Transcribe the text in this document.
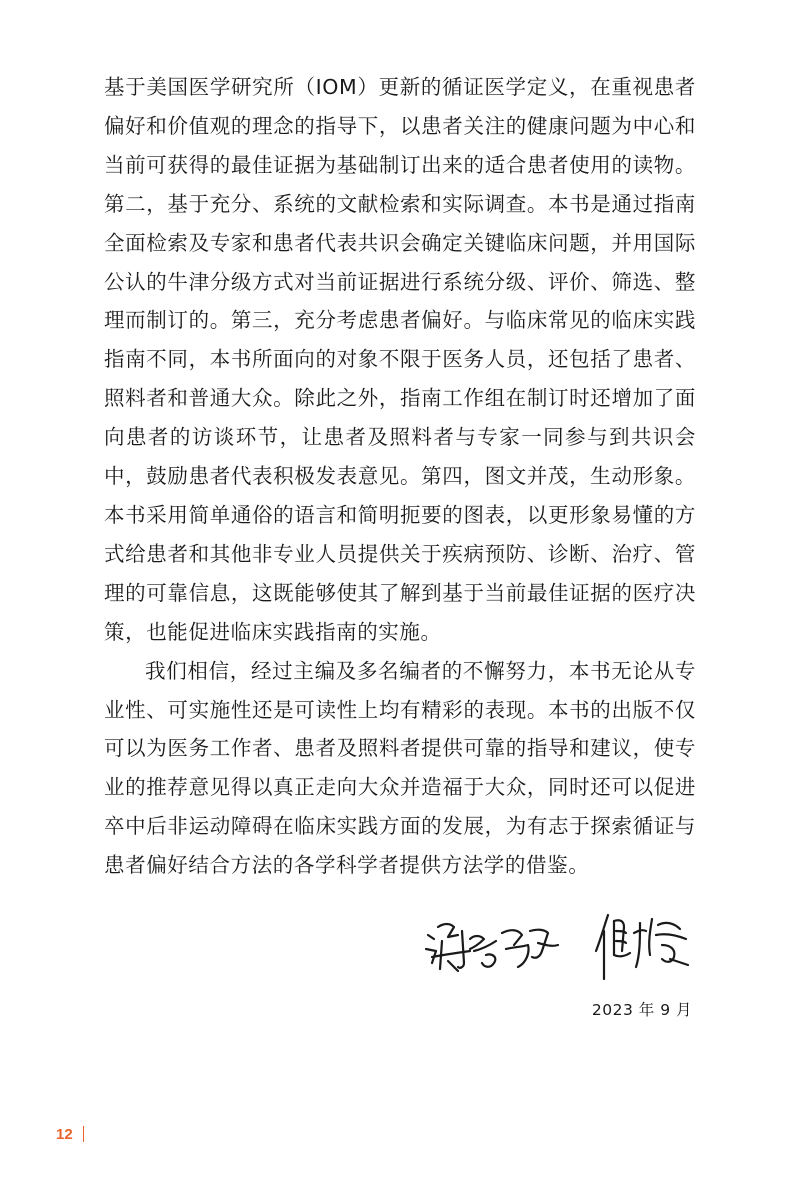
基于美国医学研究所（IOM）更新的循证医学定义，在重视患者偏好和价值观的理念的指导下，以患者关注的健康问题为中心和当前可获得的最佳证据为基础制订出来的适合患者使用的读物。第二，基于充分、系统的文献检索和实际调查。本书是通过指南全面检索及专家和患者代表共识会确定关键临床问题，并用国际公认的牛津分级方式对当前证据进行系统分级、评价、筛选、整理而制订的。第三，充分考虑患者偏好。与临床常见的临床实践指南不同，本书所面向的对象不限于医务人员，还包括了患者、照料者和普通大众。除此之外，指南工作组在制订时还增加了面向患者的访谈环节，让患者及照料者与专家一同参与到共识会中，鼓励患者代表积极发表意见。第四，图文并茂，生动形象。本书采用简单通俗的语言和简明扼要的图表，以更形象易懂的方式给患者和其他非专业人员提供关于疾病预防、诊断、治疗、管理的可靠信息，这既能够使其了解到基于当前最佳证据的医疗决策，也能促进临床实践指南的实施。

我们相信，经过主编及多名编者的不懈努力，本书无论从专业性、可实施性还是可读性上均有精彩的表现。本书的出版不仅可以为医务工作者、患者及照料者提供可靠的指导和建议，使专业的推荐意见得以真正走向大众并造福于大众，同时还可以促进卒中后非运动障碍在临床实践方面的发展，为有志于探索循证与患者偏好结合方法的各学科学者提供方法学的借鉴。

2023 年 9 月
12
